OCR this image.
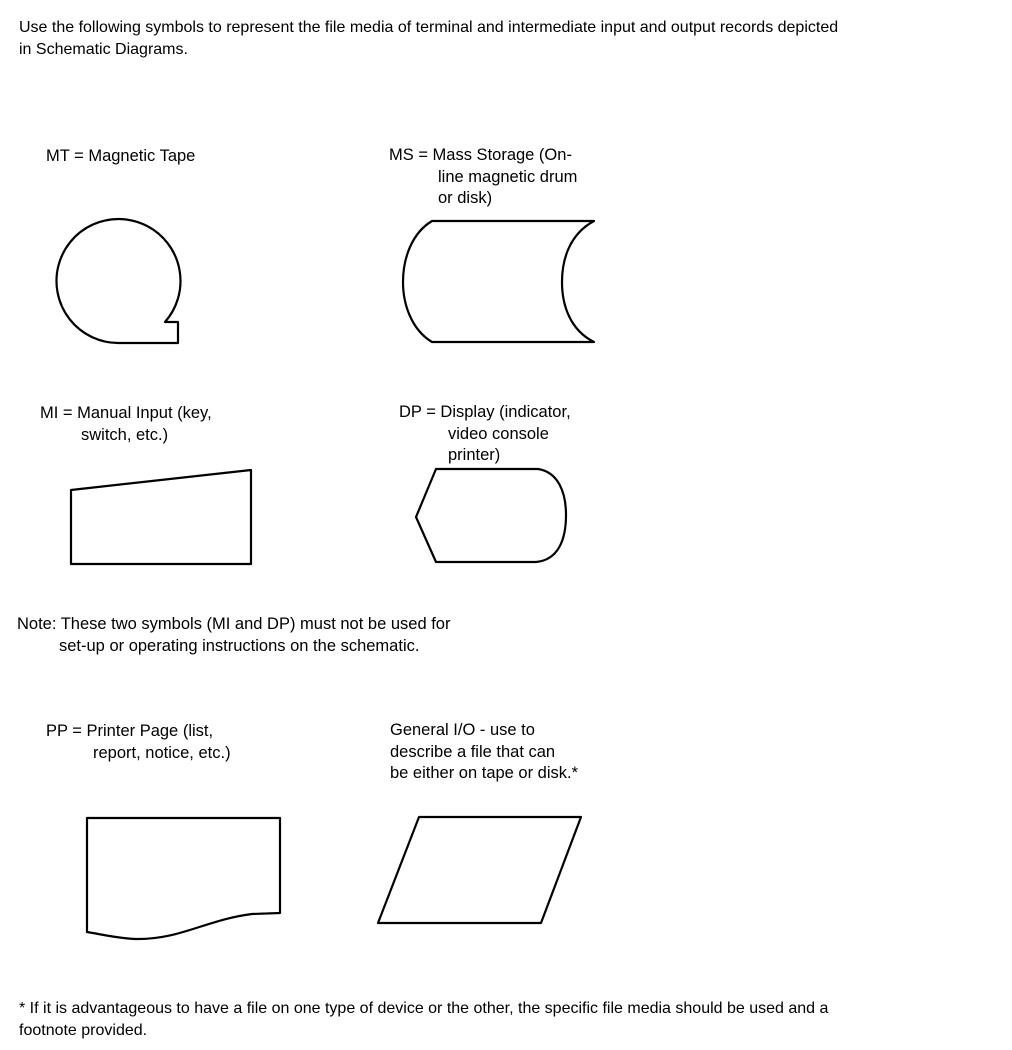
Use the following symbols to represent the file media of terminal and intermediate input and output records depicted
in Schematic Diagrams.
MT = Magnetic Tape	MS = Mass Storage (On-
line magnetic drum
or disk)
MI = Manual Input (key,
switch, etc.)
DP = Display (indicator,
video console
printer)
Note: These two symbols (MI and DP) must not be used for
set-up or operating instructions on the schematic.
PP = Printer Page (list,
report, notice, etc.)
General I/O - use to
describe a file that can
be either on tape or disk.*
* If it is advantageous to have a file on one type of device or the other, the specific file media should be used and a
footnote provided.
